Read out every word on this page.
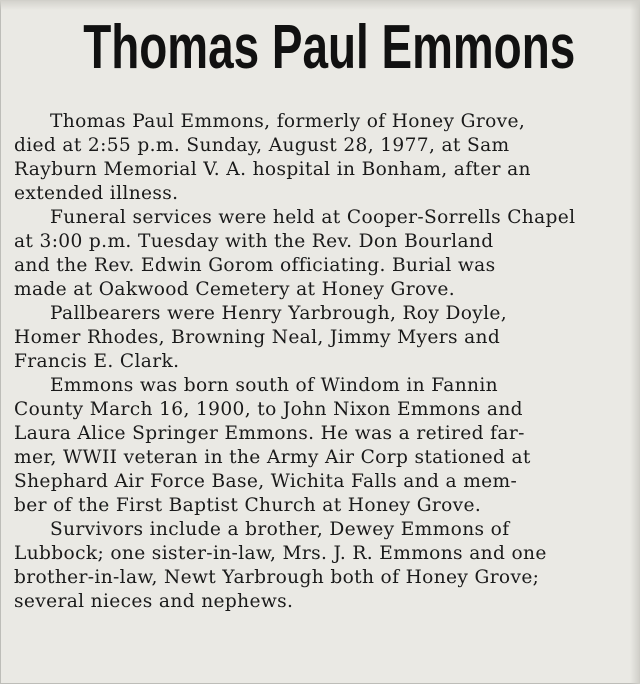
Thomas Paul Emmons

Thomas Paul Emmons, formerly of Honey Grove,
died at 2:55 p.m. Sunday, August 28, 1977, at Sam
Rayburn Memorial V. A. hospital in Bonham, after an
extended illness.

Funeral services were held at Cooper-Sorrells Chapel
at 3:00 p.m. Tuesday with the Rev. Don Bourland
and the Rev. Edwin Gorom officiating. Burial was
made at Oakwood Cemetery at Honey Grove.

Pallbearers were Henry Yarbrough, Roy Doyle,
Homer Rhodes, Browning Neal, Jimmy Myers and
Francis E. Clark.

Emmons was born south of Windom in Fannin
County March 16, 1900, to John Nixon Emmons and
Laura Alice Springer Emmons. He was a retired far-
mer, WWII veteran in the Army Air Corp stationed at
Shephard Air Force Base, Wichita Falls and a mem-
ber of the First Baptist Church at Honey Grove.

Survivors include a brother, Dewey Emmons of
Lubbock; one sister-in-law, Mrs. J. R. Emmons and one
brother-in-law, Newt Yarbrough both of Honey Grove;
several nieces and nephews.
